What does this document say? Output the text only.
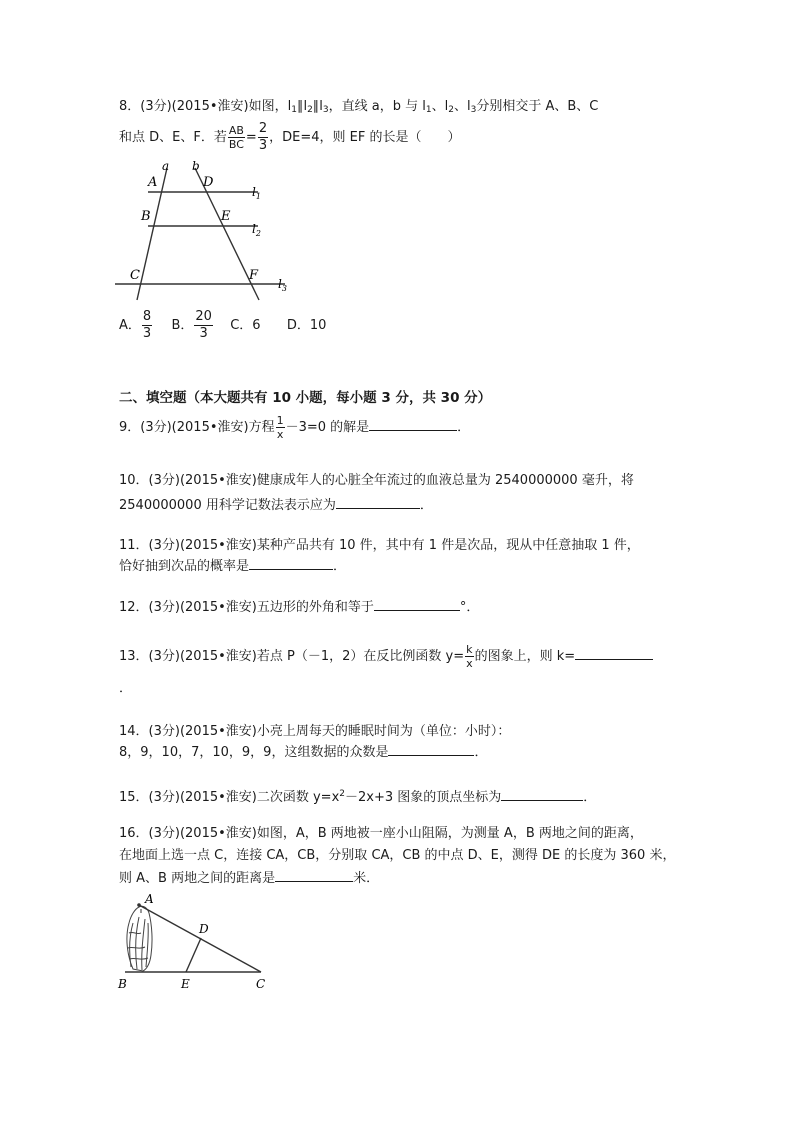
8．(3分)(2015•淮安)如图，$l_1\parallel l_2\parallel l_3$，直线 a，b 与 $l_1$、$l_2$、$l_3$分别相交于 A、B、C
和点 D、E、F．若 $\frac{AB}{BC} = \frac{2}{3}$ ，DE=4，则 EF 的长是（　　）
a b
A	D
B	E
C	F
$l_1$
$l_2$
$l_3$
A． $\frac{8}{3}$ B． $\frac{20}{3}$ C．6 D．10
二、填空题（本大题共有 10 小题，每小题 3 分，共 30 分）
9．(3分)(2015•淮安)方程 $\frac{1}{x} -3=0$ 的解是	．
10．(3分)(2015•淮安)健康成年人的心脏全年流过的血液总量为 2540000000 毫升，将
2540000000 用科学记数法表示应为	．
11．(3分)(2015•淮安)某种产品共有 10 件，其中有 1 件是次品，现从中任意抽取 1 件，
恰好抽到次品的概率是	．
12．(3分)(2015•淮安)五边形的外角和等于	°．
13．(3分)(2015•淮安)若点 P（－1，2）在反比例函数 $y= \frac{k}{x}$ 的图象上，则 k=
．
14．(3分)(2015•淮安)小亮上周每天的睡眠时间为（单位：小时）：
8，9，10，7，10，9，9，这组数据的众数是	．
15．(3分)(2015•淮安)二次函数 $y=x^2-2x+3$ 图象的顶点坐标为	．
16．(3分)(2015•淮安)如图，A，B 两地被一座小山阻隔，为测量 A，B 两地之间的距离，
在地面上选一点 C，连接 CA，CB，分别取 CA，CB 的中点 D、E，测得 DE 的长度为 360 米，
则 A、B 两地之间的距离是	米．
A
D
B	E	C
